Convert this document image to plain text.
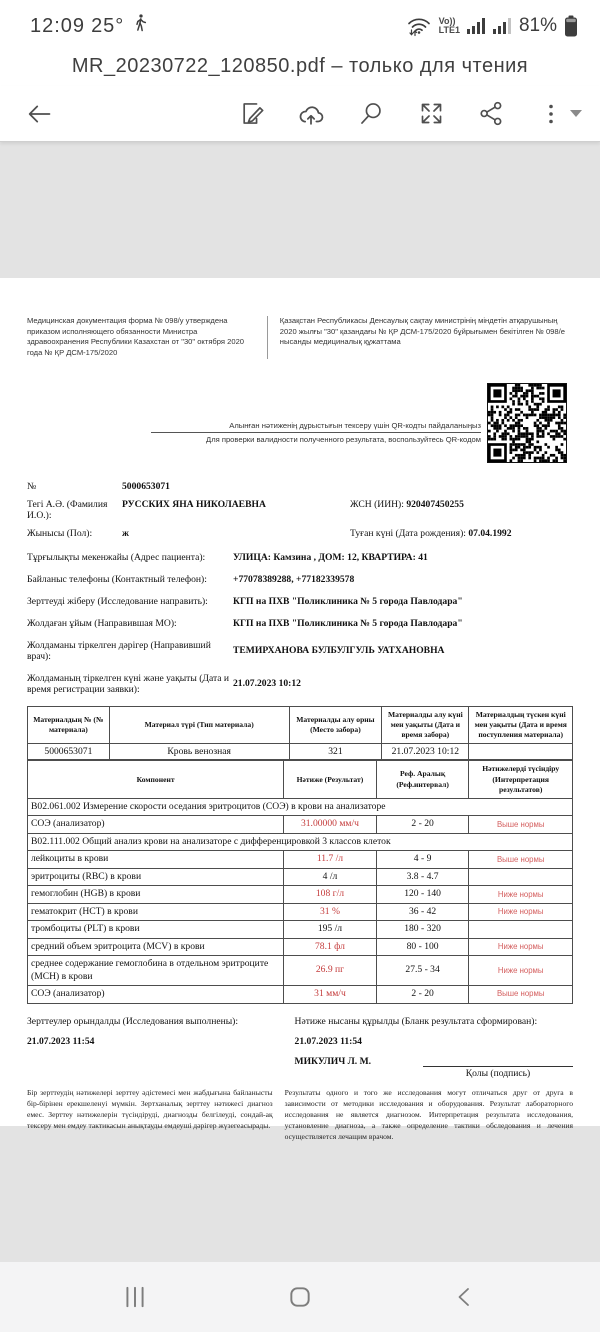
12:09 25°	Vo))
LTE1	81%
MR_20230722_120850.pdf – только для чтения
Медицинская документация форма № 098/у утверждена приказом исполняющего обязанности Министра здравоохранения Республики Казахстан от "30" октября 2020 года № ҚР ДСМ-175/2020
Қазақстан Республикасы Денсаулық сақтау министрінің міндетін атқарушының 2020 жылғы "30" қазандағы № ҚР ДСМ-175/2020 бұйрығымен бекітілген № 098/е нысанды медициналық құжаттама
Алынған нәтиженің дұрыстығын тексеру үшін QR-кодты пайдаланыңыз
Для проверки валидности полученного результата, воспользуйтесь QR-кодом
№	5000653071
Тегі А.Ә. (Фамилия И.О.):
РУССКИХ ЯНА НИКОЛАЕВНА	ЖСН (ИИН): 920407450255
Жынысы (Пол):	ж	Туған күні (Дата рождения): 07.04.1992
Тұрғылықты мекенжайы (Адрес пациента):	УЛИЦА: Камзина , ДОМ: 12, КВАРТИРА: 41
Байланыс телефоны (Контактный телефон):	+77078389288, +77182339578
Зерттеуді жіберу (Исследование направить):	КГП на ПХВ "Поликлиника № 5 города Павлодара"
Жолдаған ұйым (Направившая МО):	КГП на ПХВ "Поликлиника № 5 города Павлодара"
Жолдаманы тіркелген дәрігер (Направивший врач):	ТЕМИРХАНОВА БУЛБУЛГУЛЬ УАТХАНОВНА
Жолдаманың тіркелген күні және уақыты (Дата и время регистрации заявки):	21.07.2023 10:12
Материалдың № (№ материала)	Материал түрі (Тип материала)	Материалды алу орны (Место забора)	Материалды алу күні мен уақыты (Дата и время забора)	Материалдың түскен күні мен уақыты (Дата и время поступления материала)
5000653071	Кровь венозная	321	21.07.2023 10:12	
Компонент	Нәтиже (Результат)	Реф. Аралық (Реф.интервал)	Нәтижелерді түсіндіру (Интерпретация результатов)
В02.061.002 Измерение скорости оседания эритроцитов (СОЭ) в крови на анализаторе			
СОЭ (анализатор)	31.00000 мм/ч	2 - 20	Выше нормы
В02.111.002 Общий анализ крови на анализаторе с дифференцировкой 3 классов клеток			
лейкоциты в крови	11.7 /л	4 - 9	Выше нормы
эритроциты (RBC) в крови	4 /л	3.8 - 4.7	
гемоглобин (HGB) в крови	108 г/л	120 - 140	Ниже нормы
гематокрит (HCT) в крови	31 %	36 - 42	Ниже нормы
тромбоциты (PLT) в крови	195 /л	180 - 320	
средний объем эритроцита (MCV) в крови	78.1 фл	80 - 100	Ниже нормы
среднее содержание гемоглобина в отдельном эритроците (MCH) в крови	26.9 пг	27.5 - 34	Ниже нормы
СОЭ (анализатор)	31 мм/ч	2 - 20	Выше нормы
Зерттеулер орындалды (Исследования выполнены):
21.07.2023 11:54
Нәтиже нысаны құрылды (Бланк результата сформирован):
21.07.2023 11:54
МИКУЛИЧ Л. М.
Қолы (подпись)
Бір зерттеудің нәтижелері зерттеу әдістемесі мен жабдығына байланысты бір-бірінен ерекшеленуі мүмкін. Зертханалық зерттеу нәтижесі диагноз емес. Зерттеу нәтижелерін түсіндіруді, диагнозды белгілеуді, сондай-ақ тексеру мен емдеу тактикасын анықтауды емдеуші дәрігер жүзегеасырады.
Результаты одного и того же исследования могут отличаться друг от друга в зависимости от методики исследования и оборудования. Результат лабораторного исследования не является диагнозом. Интерпретация результата исследования, установление диагноза, а также определение тактики обследования и лечения осуществляется лечащим врачом.
